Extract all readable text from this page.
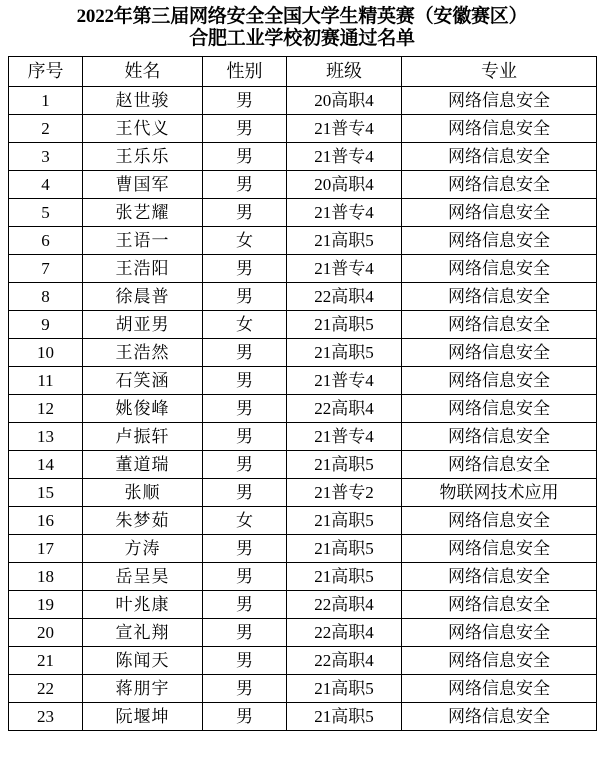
2022年第三届网络安全全国大学生精英赛（安徽赛区）
合肥工业学校初赛通过名单
序号	姓名	性别	班级	专业
1	赵世骏	男	20高职4	网络信息安全
2	王代义	男	21普专4	网络信息安全
3	王乐乐	男	21普专4	网络信息安全
4	曹国军	男	20高职4	网络信息安全
5	张艺耀	男	21普专4	网络信息安全
6	王语一	女	21高职5	网络信息安全
7	王浩阳	男	21普专4	网络信息安全
8	徐晨普	男	22高职4	网络信息安全
9	胡亚男	女	21高职5	网络信息安全
10	王浩然	男	21高职5	网络信息安全
11	石笑涵	男	21普专4	网络信息安全
12	姚俊峰	男	22高职4	网络信息安全
13	卢振轩	男	21普专4	网络信息安全
14	董道瑞	男	21高职5	网络信息安全
15	张顺	男	21普专2	物联网技术应用
16	朱梦茹	女	21高职5	网络信息安全
17	方涛	男	21高职5	网络信息安全
18	岳呈昊	男	21高职5	网络信息安全
19	叶兆康	男	22高职4	网络信息安全
20	宣礼翔	男	22高职4	网络信息安全
21	陈闻天	男	22高职4	网络信息安全
22	蒋朋宇	男	21高职5	网络信息安全
23	阮堰坤	男	21高职5	网络信息安全
